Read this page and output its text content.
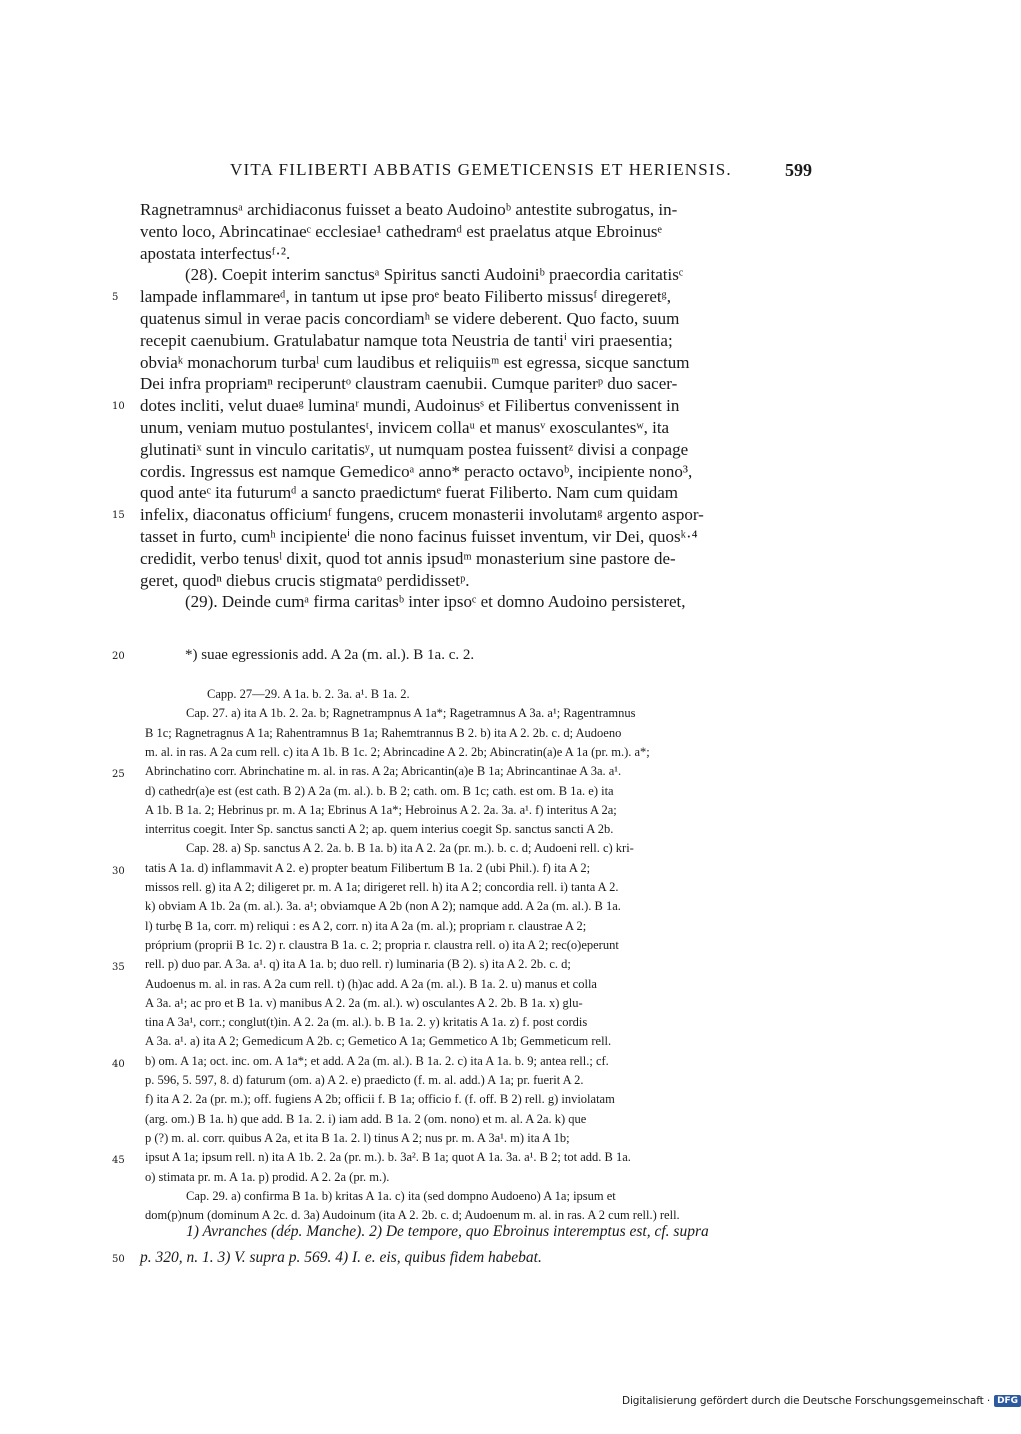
VITA FILIBERTI ABBATIS GEMETICENSIS ET HERIENSIS.	599
Ragnetramnusᵃ archidiaconus fuisset a beato Audoinoᵇ antestite subrogatus, in-
vento loco, Abrincatinaeᶜ ecclesiae¹ cathedramᵈ est praelatus atque Ebroinusᵉ
apostata interfectusᶠ·².
(28). Coepit interim sanctusᵃ Spiritus sancti Audoiniᵇ praecordia caritatisᶜ
lampade inflammareᵈ, in tantum ut ipse proᵉ beato Filiberto missusᶠ diregeretᵍ,
5
quatenus simul in verae pacis concordiamʰ se videre deberent. Quo facto, suum
recepit caenubium. Gratulabatur namque tota Neustria de tantiⁱ viri praesentia;
obviaᵏ monachorum turbaˡ cum laudibus et reliquiisᵐ est egressa, sicque sanctum
Dei infra propriamⁿ reciperuntᵒ claustram caenubii. Cumque pariterᵖ duo sacer-
dotes incliti, velut duaeᵍ luminaʳ mundi, Audoinusˢ et Filibertus convenissent in
10
unum, veniam mutuo postulantesᵗ, invicem collaᵘ et manusᵛ exosculantesʷ, ita
glutinatiˣ sunt in vinculo caritatisʸ, ut numquam postea fuissentᶻ divisi a conpage
cordis. Ingressus est namque Gemedicoᵃ anno* peracto octavoᵇ, incipiente nono³,
quod anteᶜ ita futurumᵈ a sancto praedictumᵉ fuerat Filiberto. Nam cum quidam
infelix, diaconatus officiumᶠ fungens, crucem monasterii involutamᵍ argento aspor-
15
tasset in furto, cumʰ incipienteⁱ die nono facinus fuisset inventum, vir Dei, quosᵏ·⁴
credidit, verbo tenusˡ dixit, quod tot annis ipsudᵐ monasterium sine pastore de-
geret, quodⁿ diebus crucis stigmataᵒ perdidissetᵖ.
(29). Deinde cumᵃ firma caritasᵇ inter ipsoᶜ et domno Audoino persisteret,
*) suae egressionis add. A 2a (m. al.). B 1a. c. 2.
20
Capp. 27—29. A 1a. b. 2. 3a. a¹. B 1a. 2.
Cap. 27. a) ita A 1b. 2. 2a. b; Ragnetrampnus A 1a*; Ragetramnus A 3a. a¹; Ragentramnus
B 1c; Ragnetragnus A 1a; Rahentramnus B 1a; Rahemtrannus B 2. b) ita A 2. 2b. c. d; Audoeno
m. al. in ras. A 2a cum rell. c) ita A 1b. B 1c. 2; Abrincadine A 2. 2b; Abincratin(a)e A 1a (pr. m.). a*;
Abrinchatino corr. Abrinchatine m. al. in ras. A 2a; Abricantin(a)e B 1a; Abrincantinae A 3a. a¹.
25
d) cathedr(a)e est (est cath. B 2) A 2a (m. al.). b. B 2; cath. om. B 1c; cath. est om. B 1a. e) ita
A 1b. B 1a. 2; Hebrinus pr. m. A 1a; Ebrinus A 1a*; Hebroinus A 2. 2a. 3a. a¹. f) interitus A 2a;
interritus coegit. Inter Sp. sanctus sancti A 2; ap. quem interius coegit Sp. sanctus sancti A 2b.
Cap. 28. a) Sp. sanctus A 2. 2a. b. B 1a. b) ita A 2. 2a (pr. m.). b. c. d; Audoeni rell. c) kri-
tatis A 1a. d) inflammavit A 2. e) propter beatum Filibertum B 1a. 2 (ubi Phil.). f) ita A 2;
30
missos rell. g) ita A 2; diligeret pr. m. A 1a; dirigeret rell. h) ita A 2; concordia rell. i) tanta A 2.
k) obviam A 1b. 2a (m. al.). 3a. a¹; obviamque A 2b (non A 2); namque add. A 2a (m. al.). B 1a.
l) turbę B 1a, corr. m) reliqui : es A 2, corr. n) ita A 2a (m. al.); propriam r. claustrae A 2;
próprium (proprii B 1c. 2) r. claustra B 1a. c. 2; propria r. claustra rell. o) ita A 2; rec(o)eperunt
rell. p) duo par. A 3a. a¹. q) ita A 1a. b; duo rell. r) luminaria (B 2). s) ita A 2. 2b. c. d;
35
Audoenus m. al. in ras. A 2a cum rell. t) (h)ac add. A 2a (m. al.). B 1a. 2. u) manus et colla
A 3a. a¹; ac pro et B 1a. v) manibus A 2. 2a (m. al.). w) osculantes A 2. 2b. B 1a. x) glu-
tina A 3a¹, corr.; conglut(t)in. A 2. 2a (m. al.). b. B 1a. 2. y) kritatis A 1a. z) f. post cordis
A 3a. a¹. a) ita A 2; Gemedicum A 2b. c; Gemetico A 1a; Gemmetico A 1b; Gemmeticum rell.
b) om. A 1a; oct. inc. om. A 1a*; et add. A 2a (m. al.). B 1a. 2. c) ita A 1a. b. 9; antea rell.; cf.
40
p. 596, 5. 597, 8. d) faturum (om. a) A 2. e) praedicto (f. m. al. add.) A 1a; pr. fuerit A 2.
f) ita A 2. 2a (pr. m.); off. fugiens A 2b; officii f. B 1a; officio f. (f. off. B 2) rell. g) inviolatam
(arg. om.) B 1a. h) que add. B 1a. 2. i) iam add. B 1a. 2 (om. nono) et m. al. A 2a. k) que
p (?) m. al. corr. quibus A 2a, et ita B 1a. 2. l) tinus A 2; nus pr. m. A 3a¹. m) ita A 1b;
ipsut A 1a; ipsum rell. n) ita A 1b. 2. 2a (pr. m.). b. 3a². B 1a; quot A 1a. 3a. a¹. B 2; tot add. B 1a.
45
o) stimata pr. m. A 1a. p) prodid. A 2. 2a (pr. m.).
Cap. 29. a) confirma B 1a. b) kritas A 1a. c) ita (sed dompno Audoeno) A 1a; ipsum et
dom(p)num (dominum A 2c. d. 3a) Audoinum (ita A 2. 2b. c. d; Audoenum m. al. in ras. A 2 cum rell.) rell.
1) Avranches (dép. Manche). 2) De tempore, quo Ebroinus interemptus est, cf. supra
p. 320, n. 1. 3) V. supra p. 569. 4) I. e. eis, quibus fidem habebat.
50
Digitalisierung gefördert durch die Deutsche Forschungsgemeinschaft · DFG
